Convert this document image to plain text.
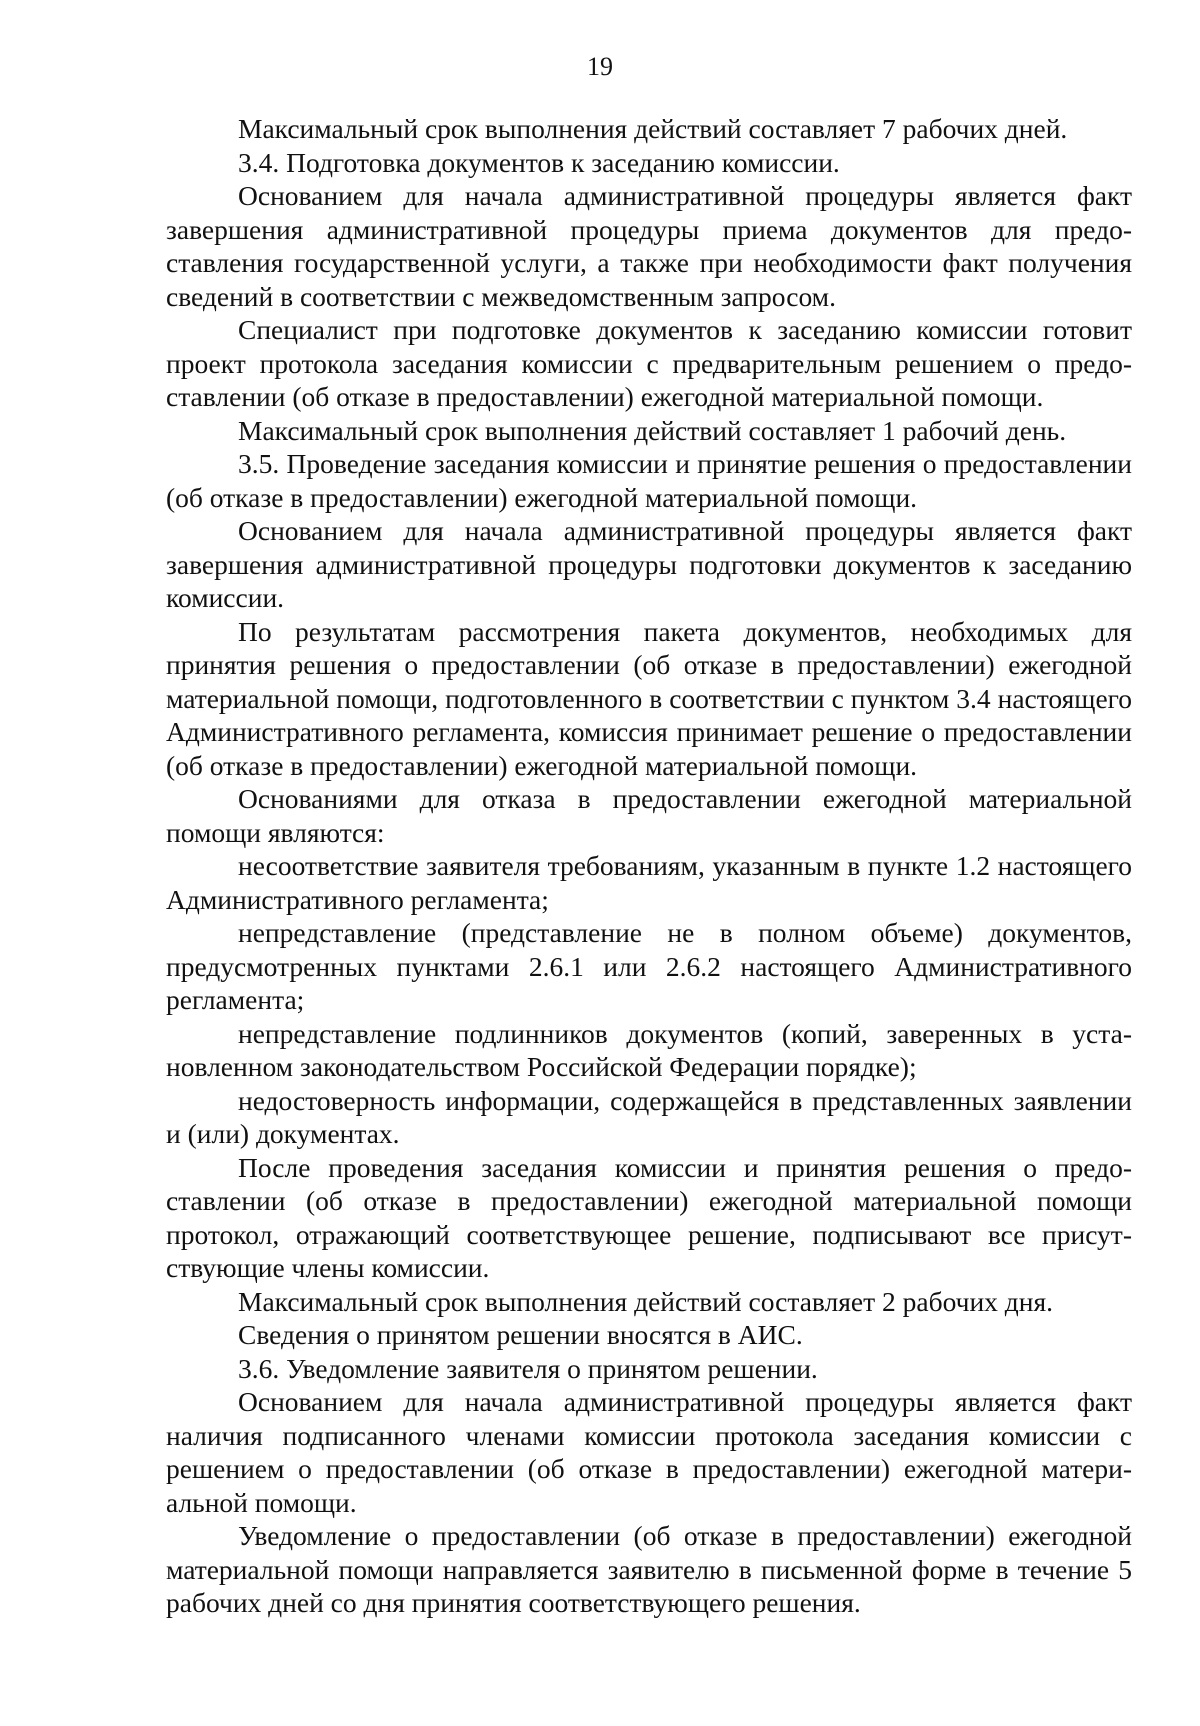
19

Максимальный срок выполнения действий составляет 7 рабочих дней.

3.4. Подготовка документов к заседанию комиссии.

Основанием для начала административной процедуры является факт завершения административной процедуры приема документов для предоставления государственной услуги, а также при необходимости факт получения сведений в соответствии с межведомственным запросом.

Специалист при подготовке документов к заседанию комиссии готовит проект протокола заседания комиссии с предварительным решением о предоставлении (об отказе в предоставлении) ежегодной материальной помощи.

Максимальный срок выполнения действий составляет 1 рабочий день.

3.5. Проведение заседания комиссии и принятие решения о предоставлении (об отказе в предоставлении) ежегодной материальной помощи.

Основанием для начала административной процедуры является факт завершения административной процедуры подготовки документов к заседанию комиссии.

По результатам рассмотрения пакета документов, необходимых для принятия решения о предоставлении (об отказе в предоставлении) ежегодной материальной помощи, подготовленного в соответствии с пунктом 3.4 настоящего Административного регламента, комиссия принимает решение о предоставлении (об отказе в предоставлении) ежегодной материальной помощи.

Основаниями для отказа в предоставлении ежегодной материальной помощи являются:

несоответствие заявителя требованиям, указанным в пункте 1.2 настоящего Административного регламента;

непредставление (представление не в полном объеме) документов, предусмотренных пунктами 2.6.1 или 2.6.2 настоящего Административного регламента;

непредставление подлинников документов (копий, заверенных в установленном законодательством Российской Федерации порядке);

недостоверность информации, содержащейся в представленных заявлении и (или) документах.

После проведения заседания комиссии и принятия решения о предоставлении (об отказе в предоставлении) ежегодной материальной помощи протокол, отражающий соответствующее решение, подписывают все присутствующие члены комиссии.

Максимальный срок выполнения действий составляет 2 рабочих дня.

Сведения о принятом решении вносятся в АИС.

3.6. Уведомление заявителя о принятом решении.

Основанием для начала административной процедуры является факт наличия подписанного членами комиссии протокола заседания комиссии с решением о предоставлении (об отказе в предоставлении) ежегодной материальной помощи.

Уведомление о предоставлении (об отказе в предоставлении) ежегодной материальной помощи направляется заявителю в письменной форме в течение 5 рабочих дней со дня принятия соответствующего решения.
